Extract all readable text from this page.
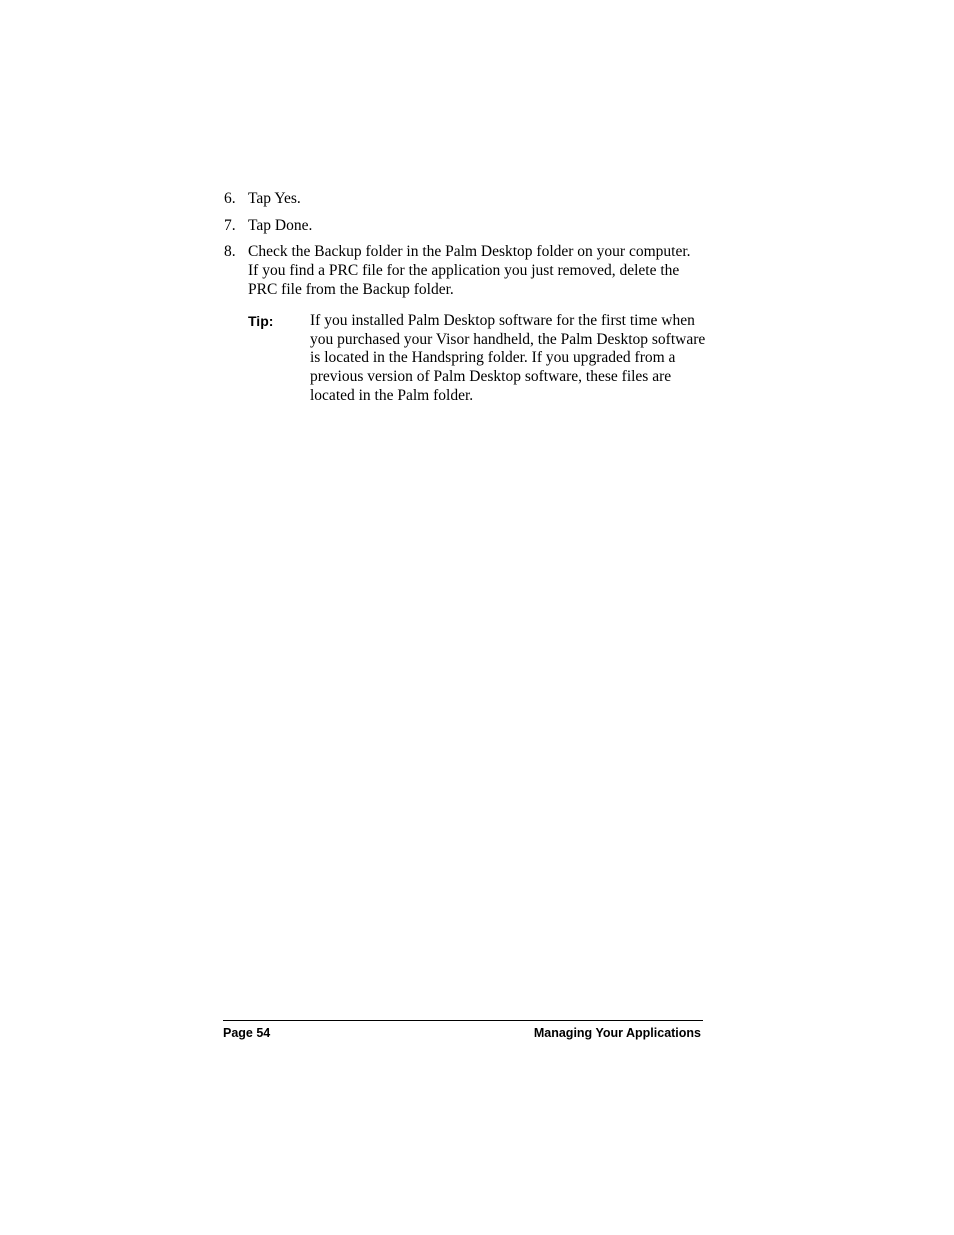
6. Tap Yes.
7. Tap Done.
8. Check the Backup folder in the Palm Desktop folder on your computer. If you find a PRC file for the application you just removed, delete the PRC file from the Backup folder.
Tip:	If you installed Palm Desktop software for the first time when you purchased your Visor handheld, the Palm Desktop software is located in the Handspring folder. If you upgraded from a previous version of Palm Desktop software, these files are located in the Palm folder.
Page 54	Managing Your Applications
